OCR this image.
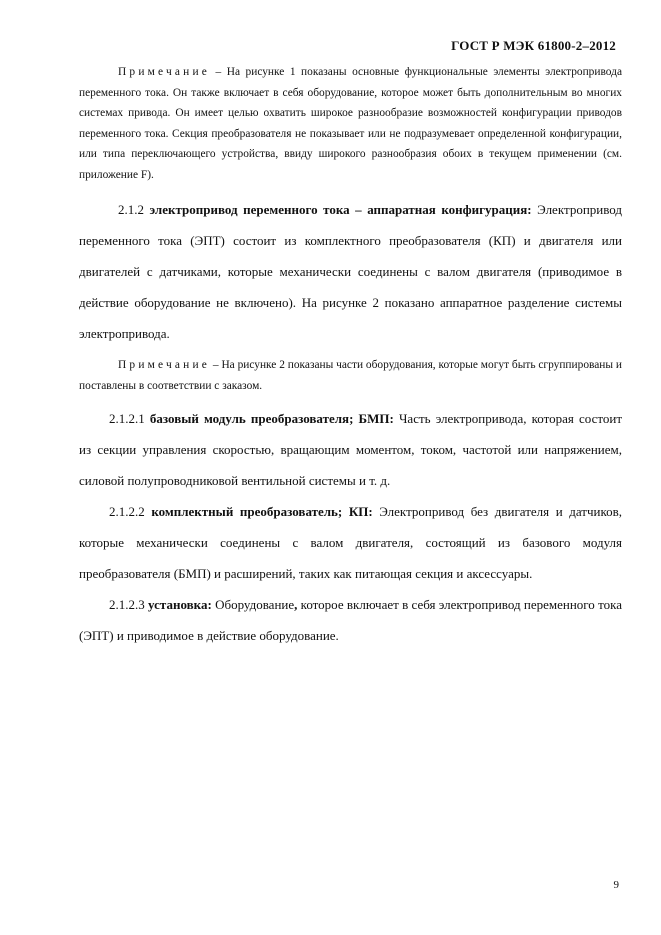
ГОСТ Р МЭК 61800-2–2012

Примечание – На рисунке 1 показаны основные функциональные элементы электропривода переменного тока. Он также включает в себя оборудование, которое может быть дополнительным во многих системах привода. Он имеет целью охватить широкое разнообразие возможностей конфигурации приводов переменного тока. Секция преобразователя не показывает или не подразумевает определенной конфигурации, или типа переключающего устройства, ввиду широкого разнообразия обоих в текущем применении (см. приложение F).

2.1.2 электропривод переменного тока – аппаратная конфигурация: Электропривод переменного тока (ЭПТ) состоит из комплектного преобразователя (КП) и двигателя или двигателей с датчиками, которые механически соединены с валом двигателя (приводимое в действие оборудование не включено). На рисунке 2 показано аппаратное разделение системы электропривода.

Примечание – На рисунке 2 показаны части оборудования, которые могут быть сгруппированы и поставлены в соответствии с заказом.

2.1.2.1 базовый модуль преобразователя; БМП: Часть электропривода, которая состоит из секции управления скоростью, вращающим моментом, током, частотой или напряжением, силовой полупроводниковой вентильной системы и т. д.

2.1.2.2 комплектный преобразователь; КП: Электропривод без двигателя и датчиков, которые механически соединены с валом двигателя, состоящий из базового модуля преобразователя (БМП) и расширений, таких как питающая секция и аксессуары.

2.1.2.3 установка: Оборудование, которое включает в себя электропривод переменного тока (ЭПТ) и приводимое в действие оборудование.

9
